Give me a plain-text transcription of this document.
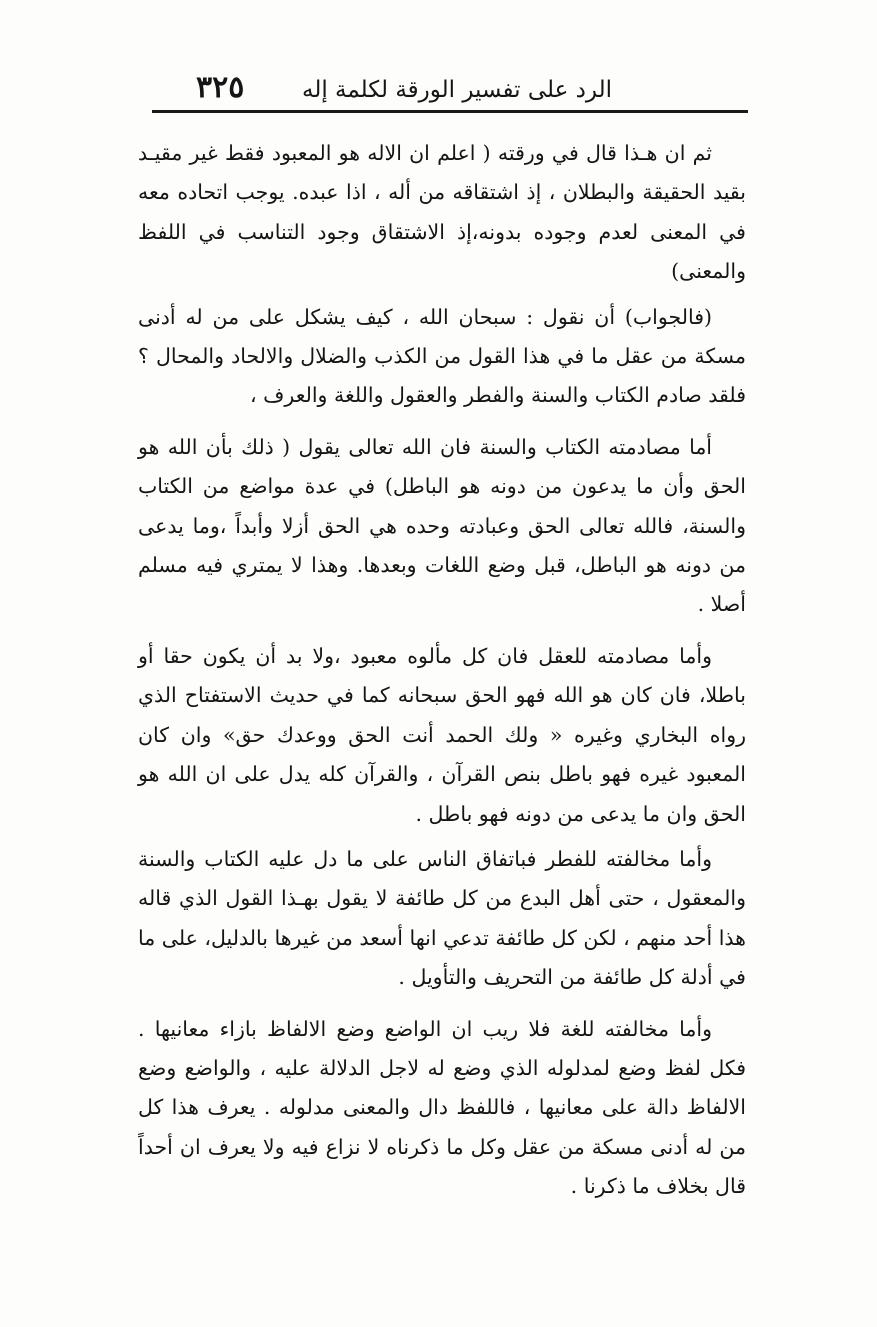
الرد على تفسير الورقة لكلمة إله
٣٢٥

ثم ان هـذا قال في ورقته ( اعلم ان الاله هو المعبود فقط غير مقيـد بقيد الحقيقة والبطلان ، إذ اشتقاقه من أله ، اذا عبده. يوجب اتحاده معه في المعنى لعدم وجوده بدونه،إذ الاشتقاق وجود التناسب في اللفظ والمعنى)

(فالجواب) أن نقول : سبحان الله ، كيف يشكل على من له أدنى مسكة من عقل ما في هذا القول من الكذب والضلال والالحاد والمحال ؟ فلقد صادم الكتاب والسنة والفطر والعقول واللغة والعرف ،

أما مصادمته الكتاب والسنة فان الله تعالى يقول ( ذلك بأن الله هو الحق وأن ما يدعون من دونه هو الباطل) في عدة مواضع من الكتاب والسنة، فالله تعالى الحق وعبادته وحده هي الحق أزلا وأبداً ،وما يدعى من دونه هو الباطل، قبل وضع اللغات وبعدها. وهذا لا يمتري فيه مسلم أصلا .

وأما مصادمته للعقل فان كل مألوه معبود ،ولا بد أن يكون حقا أو باطلا، فان كان هو الله فهو الحق سبحانه كما في حديث الاستفتاح الذي رواه البخاري وغيره « ولك الحمد أنت الحق ووعدك حق» وان كان المعبود غيره فهو باطل بنص القرآن ، والقرآن كله يدل على ان الله هو الحق وان ما يدعى من دونه فهو باطل .

وأما مخالفته للفطر فباتفاق الناس على ما دل عليه الكتاب والسنة والمعقول ، حتى أهل البدع من كل طائفة لا يقول بهـذا القول الذي قاله هذا أحد منهم ، لكن كل طائفة تدعي انها أسعد من غيرها بالدليل، على ما في أدلة كل طائفة من التحريف والتأويل .

وأما مخالفته للغة فلا ريب ان الواضع وضع الالفاظ بازاء معانيها . فكل لفظ وضع لمدلوله الذي وضع له لاجل الدلالة عليه ، والواضع وضع الالفاظ دالة على معانيها ، فاللفظ دال والمعنى مدلوله . يعرف هذا كل من له أدنى مسكة من عقل وكل ما ذكرناه لا نزاع فيه ولا يعرف ان أحداً قال بخلاف ما ذكرنا .
